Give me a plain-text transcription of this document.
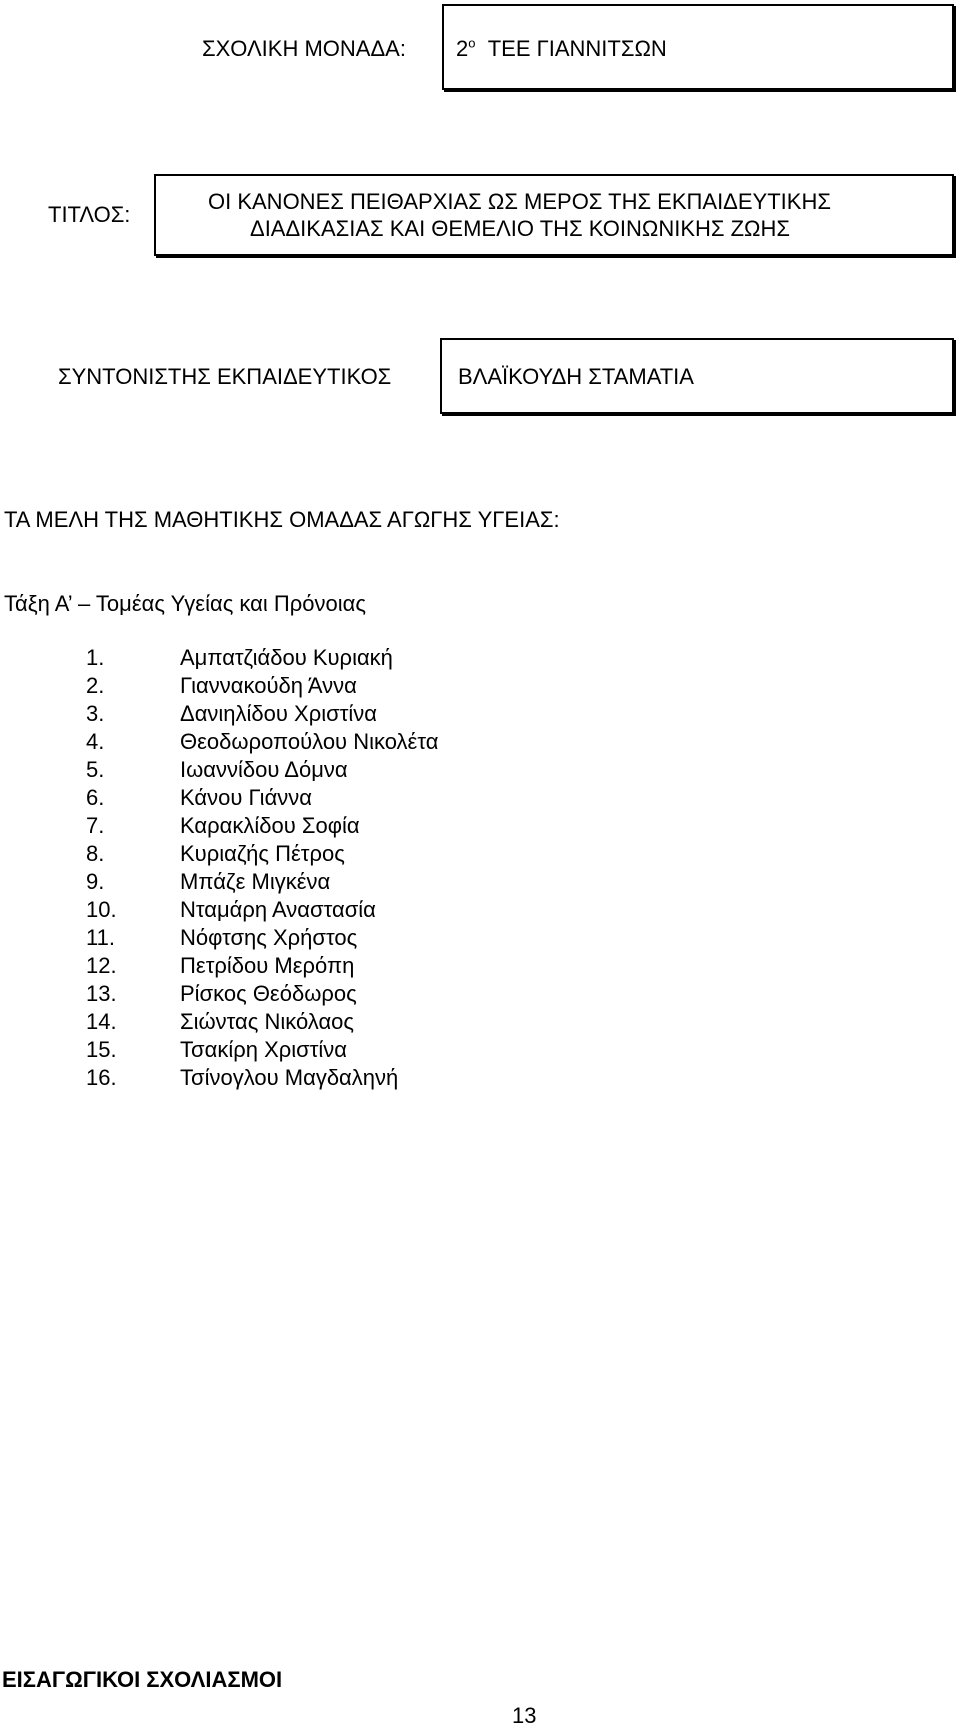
ΣΧΟΛΙΚΗ ΜΟΝΑΔΑ: $2^o$ ΤΕΕ ΓΙΑΝΝΙΤΣΩΝ
ΤΙΤΛΟΣ:
ΟΙ ΚΑΝΟΝΕΣ ΠΕΙΘΑΡΧΙΑΣ ΩΣ ΜΕΡΟΣ ΤΗΣ ΕΚΠΑΙΔΕΥΤΙΚΗΣ
ΔΙΑΔΙΚΑΣΙΑΣ ΚΑΙ ΘΕΜΕΛΙΟ ΤΗΣ ΚΟΙΝΩΝΙΚΗΣ ΖΩΗΣ
ΣΥΝΤΟΝΙΣΤΗΣ ΕΚΠΑΙΔΕΥΤΙΚΟΣ	ΒΛΑΪΚΟΥΔΗ ΣΤΑΜΑΤΙΑ
ΤΑ ΜΕΛΗ ΤΗΣ ΜΑΘΗΤΙΚΗΣ ΟΜΑΔΑΣ ΑΓΩΓΗΣ ΥΓΕΙΑΣ:
Τάξη Α’ – Τομέας Υγείας και Πρόνοιας
1.	Αμπατζιάδου Κυριακή
2.	Γιαννακούδη Άννα
3.	Δανιηλίδου Χριστίνα
4.	Θεοδωροπούλου Νικολέτα
5.	Ιωαννίδου Δόμνα
6.	Κάνου Γιάννα
7.	Καρακλίδου Σοφία
8.	Κυριαζής Πέτρος
9.	Μπάζε Μιγκένα
10.	Νταμάρη Αναστασία
11.	Νόφτσης Χρήστος
12.	Πετρίδου Μερόπη
13.	Ρίσκος Θεόδωρος
14.	Σιώντας Νικόλαος
15.	Τσακίρη Χριστίνα
16.	Τσίνογλου Μαγδαληνή
ΕΙΣΑΓΩΓΙΚΟΙ ΣΧΟΛΙΑΣΜΟΙ
13
